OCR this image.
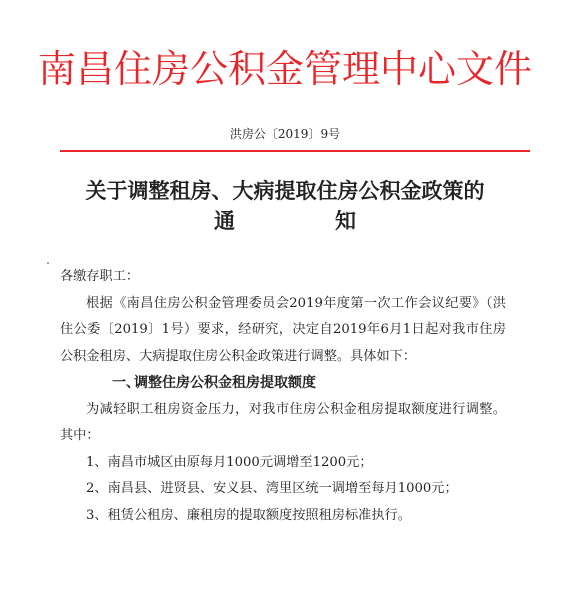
南昌住房公积金管理中心文件
洪房公〔2019〕9号
关于调整租房、大病提取住房公积金政策的
通	知

各缴存职工：

根据《南昌住房公积金管理委员会2019年度第一次工作会议纪要》（洪住公委〔2019〕1号）要求，经研究，决定自2019年6月1日起对我市住房公积金租房、大病提取住房公积金政策进行调整。具体如下：

一、调整住房公积金租房提取额度

为减轻职工租房资金压力，对我市住房公积金租房提取额度进行调整。其中：

1、南昌市城区由原每月1000元调增至1200元；

2、南昌县、进贤县、安义县、湾里区统一调增至每月1000元；

3、租赁公租房、廉租房的提取额度按照租房标准执行。
